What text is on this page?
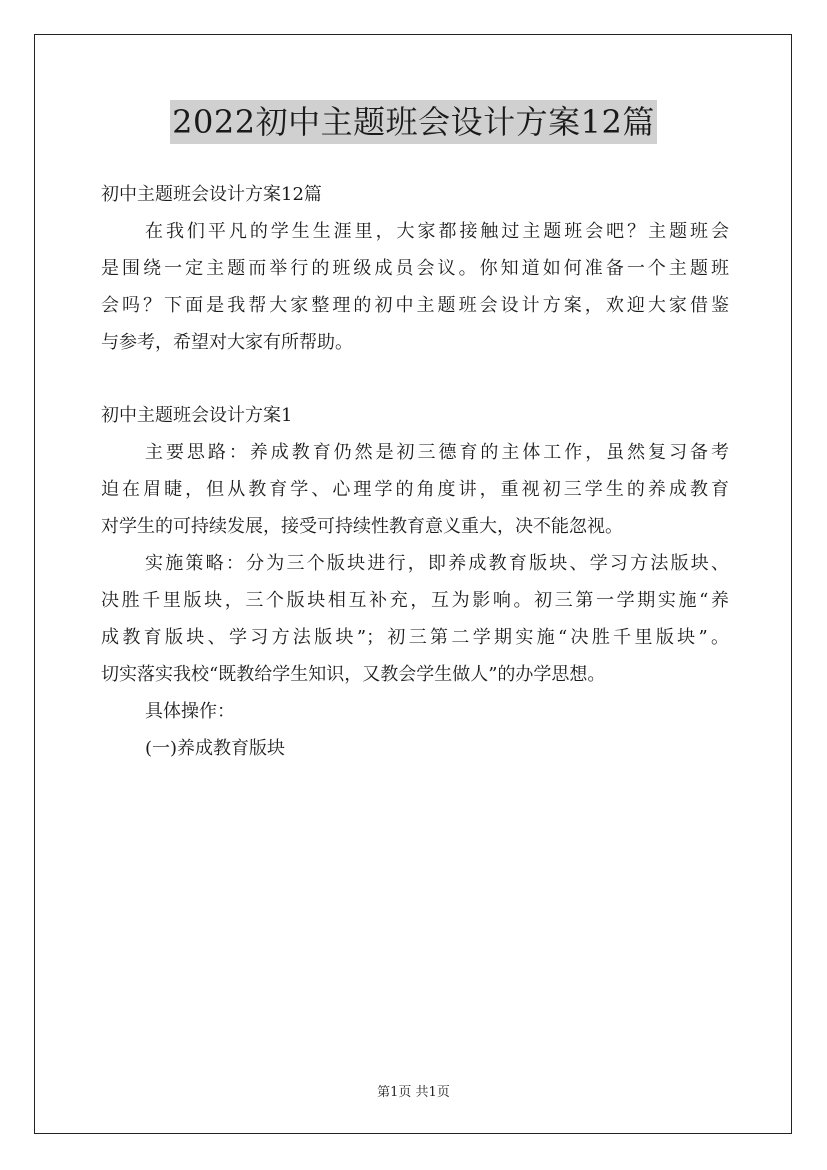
2022初中主题班会设计方案12篇

初中主题班会设计方案12篇

在我们平凡的学生生涯里，大家都接触过主题班会吧？主题班会

是围绕一定主题而举行的班级成员会议。你知道如何准备一个主题班

会吗？下面是我帮大家整理的初中主题班会设计方案，欢迎大家借鉴

与参考，希望对大家有所帮助。

初中主题班会设计方案1

主要思路：养成教育仍然是初三德育的主体工作，虽然复习备考

迫在眉睫，但从教育学、心理学的角度讲，重视初三学生的养成教育

对学生的可持续发展，接受可持续性教育意义重大，决不能忽视。

实施策略：分为三个版块进行，即养成教育版块、学习方法版块、

决胜千里版块，三个版块相互补充，互为影响。初三第一学期实施“养

成教育版块、学习方法版块”；初三第二学期实施“决胜千里版块”。

切实落实我校“既教给学生知识，又教会学生做人”的办学思想。

具体操作：

(一)养成教育版块

第1页 共1页
